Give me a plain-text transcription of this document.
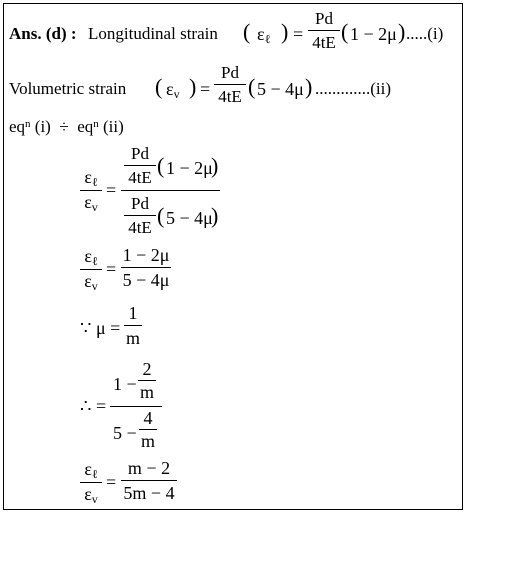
Ans. (d) : Longitudinal strain ( $\varepsilon_\ell$ ) =
Pd
4tE ( 1 − 2μ ) .....(i)
Volumetric strain ( $\varepsilon_v$ ) =
Pd
4tE ( 5 − 4μ ) .............(ii)
$eq^n$ $(i) \div eq^n$ (ii)
$\varepsilon_\ell$
$\varepsilon_v$
=
Pd
4tE ( 1 − 2μ
)
Pd
4tE ( 5 − 4μ
)
$\varepsilon_\ell$
$\varepsilon_v$
=
1 − 2μ
5 − 4μ
∵ μ =
1
m
∴ =
1 −
2
m
5 −
4
m
$\varepsilon_\ell$
$\varepsilon_v$
=
m − 2
5m − 4
